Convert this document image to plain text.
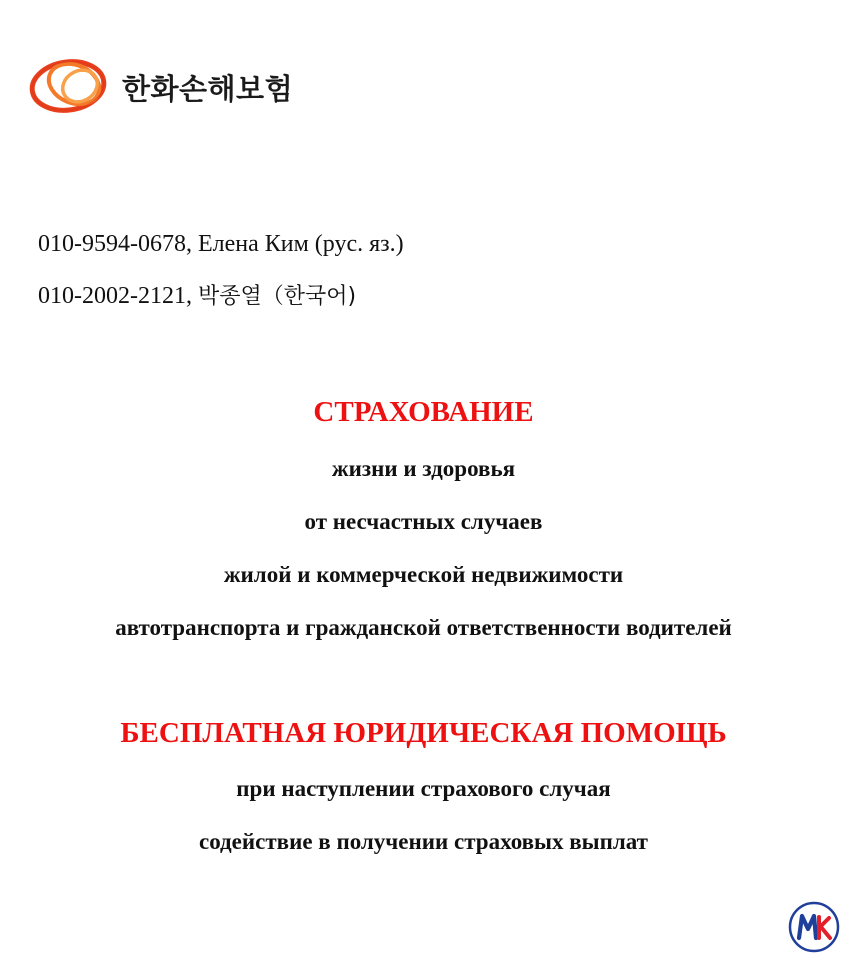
한화손해보험
010-9594-0678, Елена Ким (рус. яз.)
010-2002-2121, 박종열（한국어)
СТРАХОВАНИЕ
жизни и здоровья
от несчастных случаев
жилой и коммерческой недвижимости
автотранспорта и гражданской ответственности водителей
БЕСПЛАТНАЯ ЮРИДИЧЕСКАЯ ПОМОЩЬ
при наступлении страхового случая
содействие в получении страховых выплат
